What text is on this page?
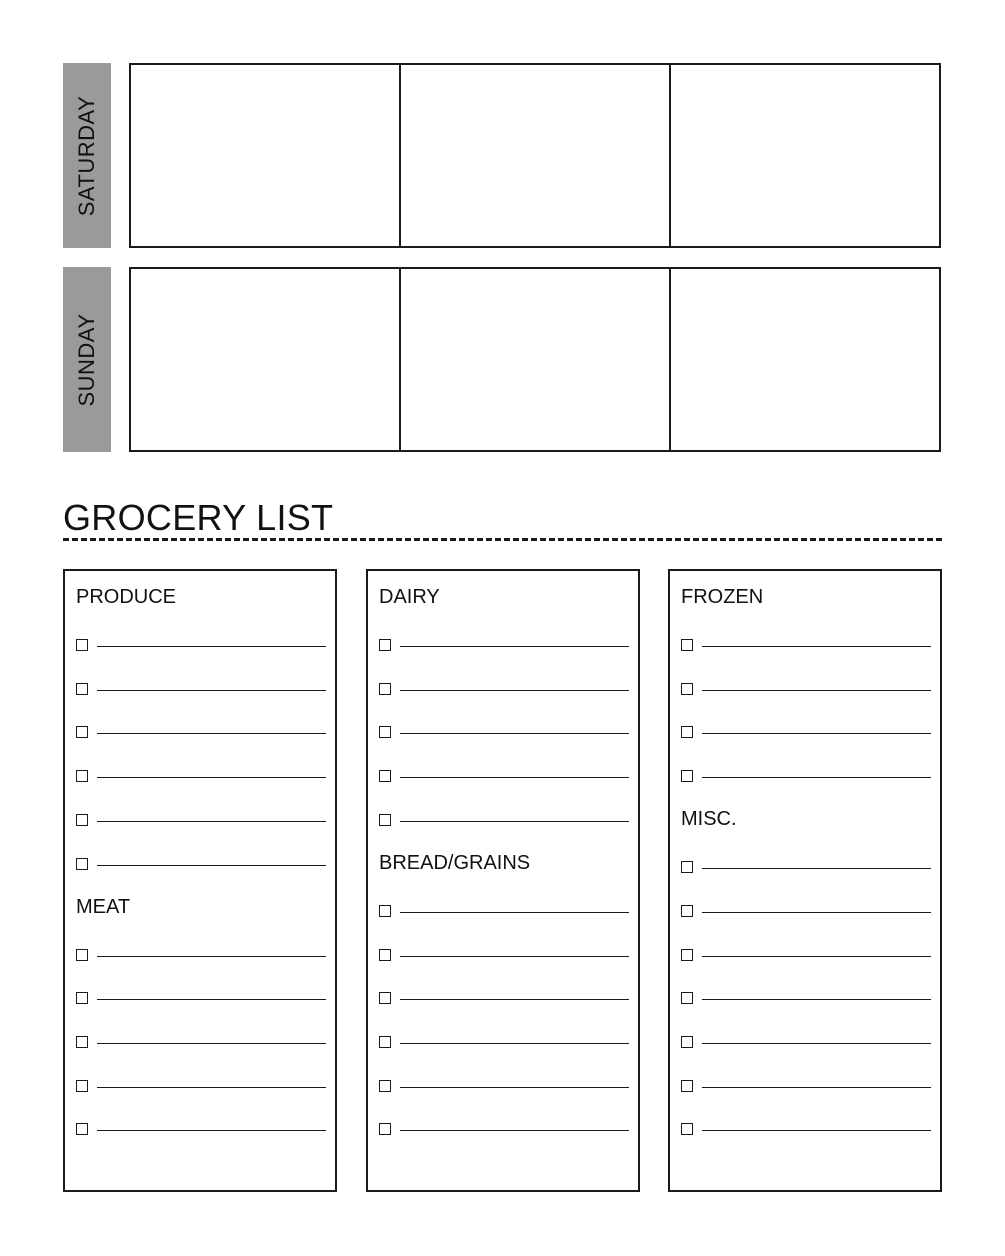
SATURDAY
SUNDAY
GROCERY LIST
PRODUCE
MEAT
DAIRY
BREAD/GRAINS
FROZEN
MISC.
